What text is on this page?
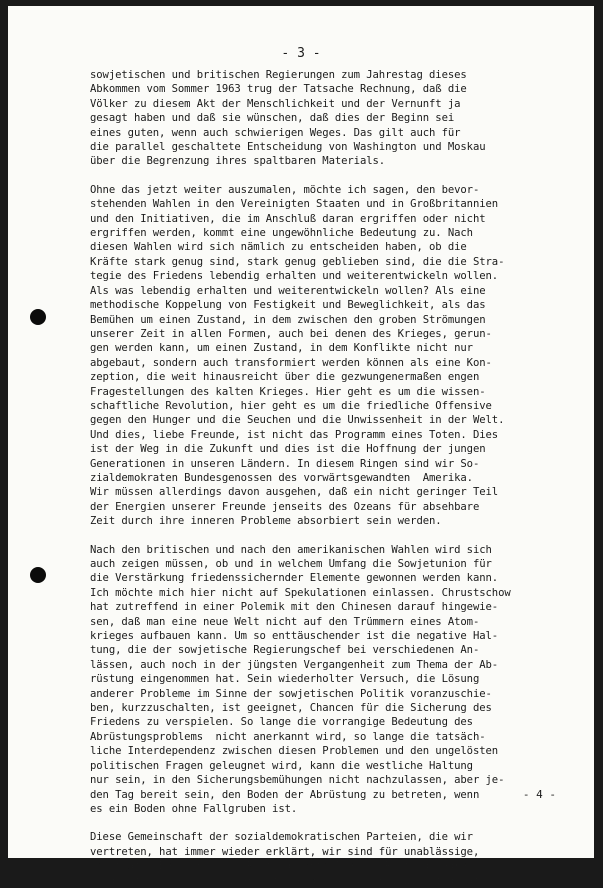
- 3 -
sowjetischen und britischen Regierungen zum Jahrestag dieses
Abkommen vom Sommer 1963 trug der Tatsache Rechnung, daß die
Völker zu diesem Akt der Menschlichkeit und der Vernunft ja
gesagt haben und daß sie wünschen, daß dies der Beginn sei
eines guten, wenn auch schwierigen Weges. Das gilt auch für
die parallel geschaltete Entscheidung von Washington und Moskau
über die Begrenzung ihres spaltbaren Materials.
Ohne das jetzt weiter auszumalen, möchte ich sagen, den bevor-
stehenden Wahlen in den Vereinigten Staaten und in Großbritannien
und den Initiativen, die im Anschluß daran ergriffen oder nicht
ergriffen werden, kommt eine ungewöhnliche Bedeutung zu. Nach
diesen Wahlen wird sich nämlich zu entscheiden haben, ob die
Kräfte stark genug sind, stark genug geblieben sind, die die Stra-
tegie des Friedens lebendig erhalten und weiterentwickeln wollen.
Als was lebendig erhalten und weiterentwickeln wollen? Als eine
methodische Koppelung von Festigkeit und Beweglichkeit, als das
Bemühen um einen Zustand, in dem zwischen den groben Strömungen
unserer Zeit in allen Formen, auch bei denen des Krieges, gerun-
gen werden kann, um einen Zustand, in dem Konflikte nicht nur
abgebaut, sondern auch transformiert werden können als eine Kon-
zeption, die weit hinausreicht über die gezwungenermaßen engen
Fragestellungen des kalten Krieges. Hier geht es um die wissen-
schaftliche Revolution, hier geht es um die friedliche Offensive
gegen den Hunger und die Seuchen und die Unwissenheit in der Welt.
Und dies, liebe Freunde, ist nicht das Programm eines Toten. Dies
ist der Weg in die Zukunft und dies ist die Hoffnung der jungen
Generationen in unseren Ländern. In diesem Ringen sind wir So-
zialdemokraten Bundesgenossen des vorwärtsgewandten  Amerika.
Wir müssen allerdings davon ausgehen, daß ein nicht geringer Teil
der Energien unserer Freunde jenseits des Ozeans für absehbare
Zeit durch ihre inneren Probleme absorbiert sein werden.
Nach den britischen und nach den amerikanischen Wahlen wird sich
auch zeigen müssen, ob und in welchem Umfang die Sowjetunion für
die Verstärkung friedenssichernder Elemente gewonnen werden kann.
Ich möchte mich hier nicht auf Spekulationen einlassen. Chrustschow
hat zutreffend in einer Polemik mit den Chinesen darauf hingewie-
sen, daß man eine neue Welt nicht auf den Trümmern eines Atom-
krieges aufbauen kann. Um so enttäuschender ist die negative Hal-
tung, die der sowjetische Regierungschef bei verschiedenen An-
lässen, auch noch in der jüngsten Vergangenheit zum Thema der Ab-
rüstung eingenommen hat. Sein wiederholter Versuch, die Lösung
anderer Probleme im Sinne der sowjetischen Politik voranzuschie-
ben, kurzzuschalten, ist geeignet, Chancen für die Sicherung des
Friedens zu verspielen. So lange die vorrangige Bedeutung des
Abrüstungsproblems  nicht anerkannt wird, so lange die tatsäch-
liche Interdependenz zwischen diesen Problemen und den ungelösten
politischen Fragen geleugnet wird, kann die westliche Haltung
nur sein, in den Sicherungsbemühungen nicht nachzulassen, aber je-
den Tag bereit sein, den Boden der Abrüstung zu betreten, wenn
es ein Boden ohne Fallgruben ist.
Diese Gemeinschaft der sozialdemokratischen Parteien, die wir
vertreten, hat immer wieder erklärt, wir sind für unablässige,
ernsthafte Bemühungen um Rüstungskontrolle und Rüstungsbegren-
zung auf dem Wege zu einer umfassenden Abrüstung. Wir sind dafür
- 4 -
